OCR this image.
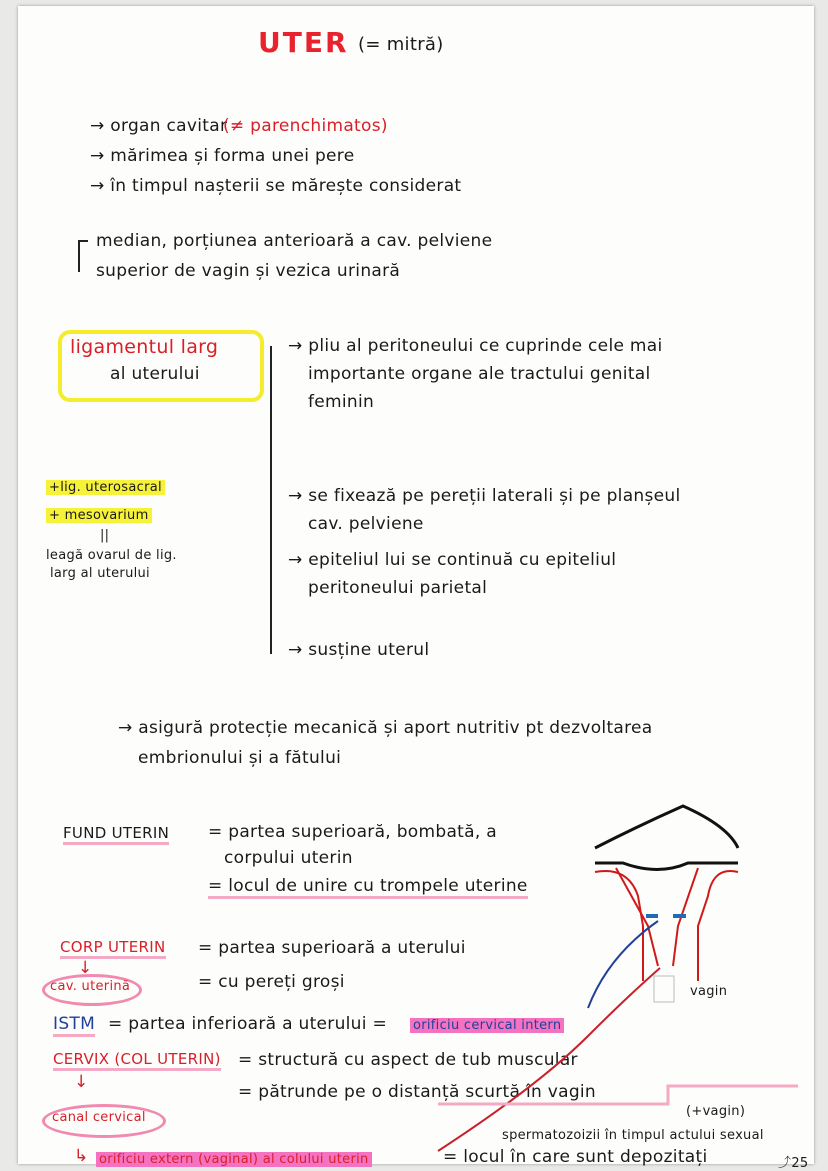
UTER (= mitră)
→ organ cavitar
(≠ parenchimatos)
→ mărimea și forma unei pere
→ în timpul nașterii se mărește considerat
median, porțiunea anterioară a cav. pelviene
superior de vagin și vezica urinară
ligamentul larg
al uterului
→ pliu al peritoneului ce cuprinde cele mai
importante organe ale tractului genital
feminin
→ se fixează pe pereții laterali și pe planșeul
cav. pelviene
→ epiteliul lui se continuă cu epiteliul
peritoneului parietal
→ susține uterul
+lig. uterosacral
+ mesovarium
||
leagă ovarul de lig.
larg al uterului
→ asigură protecție mecanică și aport nutritiv pt dezvoltarea
embrionului și a fătului
FUND UTERIN = partea superioară, bombată, a
corpului uterin
= locul de unire cu trompele uterine
CORP UTERIN
↓
cav. uterină
= partea superioară a uterului
= cu pereți groși
ISTM = partea inferioară a uterului = orificiu cervical intern
CERVIX (COL UTERIN) = structură cu aspect de tub muscular
= pătrunde pe o distanță scurtă în vagin
↓
canal cervical
↳ orificiu extern (vaginal) al colului uterin	= locul în care sunt depozitați	⤴25
spermatozoizii în timpul actului sexual
(+vagin)
vagin
